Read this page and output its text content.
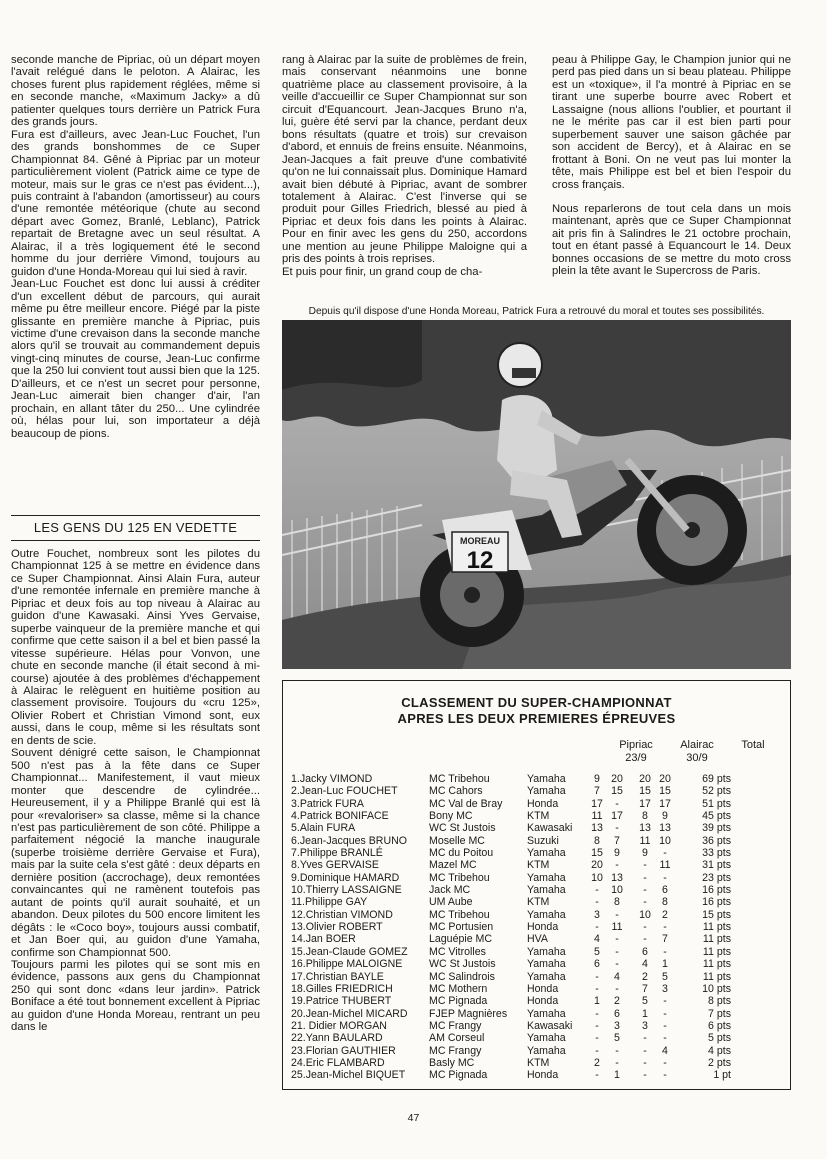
seconde manche de Pipriac, où un départ moyen l'avait relégué dans le peloton. A Alairac, les choses furent plus rapidement réglées, même si en seconde manche, «Maximum Jacky» a dû patienter quelques tours derrière un Patrick Fura des grands jours.

Fura est d'ailleurs, avec Jean-Luc Fouchet, l'un des grands bonshommes de ce Super Championnat 84. Gêné à Pipriac par un moteur particulièrement violent (Patrick aime ce type de moteur, mais sur le gras ce n'est pas évident...), puis contraint à l'abandon (amortisseur) au cours d'une remontée météorique (chute au second départ avec Gomez, Branlé, Leblanc), Patrick repartait de Bretagne avec un seul résultat. A Alairac, il a très logiquement été le second homme du jour derrière Vimond, toujours au guidon d'une Honda-Moreau qui lui sied à ravir.

Jean-Luc Fouchet est donc lui aussi à créditer d'un excellent début de parcours, qui aurait même pu être meilleur encore. Piégé par la piste glissante en première manche à Pipriac, puis victime d'une crevaison dans la seconde manche alors qu'il se trouvait au commandement depuis vingt-cinq minutes de course, Jean-Luc confirme que la 250 lui convient tout aussi bien que la 125. D'ailleurs, et ce n'est un secret pour personne, Jean-Luc aimerait bien changer d'air, l'an prochain, en allant tâter du 250... Une cylindrée où, hélas pour lui, son importateur a déjà beaucoup de pions.

LES GENS DU 125 EN VEDETTE

Outre Fouchet, nombreux sont les pilotes du Championnat 125 à se mettre en évidence dans ce Super Championnat. Ainsi Alain Fura, auteur d'une remontée infernale en première manche à Pipriac et deux fois au top niveau à Alairac au guidon d'une Kawasaki. Ainsi Yves Gervaise, superbe vainqueur de la première manche et qui confirme que cette saison il a bel et bien passé la vitesse supérieure. Hélas pour Vonvon, une chute en seconde manche (il était second à mi-course) ajoutée à des problèmes d'échappement à Alairac le relèguent en huitième position au classement provisoire. Toujours du «cru 125», Olivier Robert et Christian Vimond sont, eux aussi, dans le coup, même si les résultats sont en dents de scie.

Souvent dénigré cette saison, le Championnat 500 n'est pas à la fête dans ce Super Championnat... Manifestement, il vaut mieux monter que descendre de cylindrée... Heureusement, il y a Philippe Branlé qui est là pour «revaloriser» sa classe, même si la chance n'est pas particulièrement de son côté. Philippe a parfaitement négocié la manche inaugurale (superbe troisième derrière Gervaise et Fura), mais par la suite cela s'est gâté : deux départs en dernière position (accrochage), deux remontées convaincantes qui ne ramènent toutefois pas autant de points qu'il aurait souhaité, et un abandon. Deux pilotes du 500 encore limitent les dégâts : le «Coco boy», toujours aussi combatif, et Jan Boer qui, au guidon d'une Yamaha, confirme son Championnat 500.

Toujours parmi les pilotes qui se sont mis en évidence, passons aux gens du Championnat 250 qui sont donc «dans leur jardin». Patrick Boniface a été tout bonnement excellent à Pipriac au guidon d'une Honda Moreau, rentrant un peu dans le

rang à Alairac par la suite de problèmes de frein, mais conservant néanmoins une bonne quatrième place au classement provisoire, à la veille d'accueillir ce Super Championnat sur son circuit d'Equancourt. Jean-Jacques Bruno n'a, lui, guère été servi par la chance, perdant deux bons résultats (quatre et trois) sur crevaison d'abord, et ennuis de freins ensuite. Néanmoins, Jean-Jacques a fait preuve d'une combativité qu'on ne lui connaissait plus. Dominique Hamard avait bien débuté à Pipriac, avant de sombrer totalement à Alairac. C'est l'inverse qui se produit pour Gilles Friedrich, blessé au pied à Pipriac et deux fois dans les points à Alairac. Pour en finir avec les gens du 250, accordons une mention au jeune Philippe Maloigne qui a pris des points à trois reprises.

Et puis pour finir, un grand coup de cha-

peau à Philippe Gay, le Champion junior qui ne perd pas pied dans un si beau plateau. Philippe est un «toxique», il l'a montré à Pipriac en se tirant une superbe bourre avec Robert et Lassaigne (nous allions l'oublier, et pourtant il ne le mérite pas car il est bien parti pour superbement sauver une saison gâchée par son accident de Bercy), et à Alairac en se frottant à Boni. On ne veut pas lui monter la tête, mais Philippe est bel et bien l'espoir du cross français.

Nous reparlerons de tout cela dans un mois maintenant, après que ce Super Championnat ait pris fin à Salindres le 21 octobre prochain, tout en étant passé à Equancourt le 14. Deux bonnes occasions de se mettre du moto cross plein la tête avant le Supercross de Paris.

Depuis qu'il dispose d'une Honda Moreau, Patrick Fura a retrouvé du moral et toutes ses possibilités.
MOREAU
12
CLASSEMENT DU SUPER-CHAMPIONNAT
APRES LES DEUX PREMIERES ÉPREUVES
Pipriac
23/9
Alairac
30/9
Total
1.Jacky VIMOND	MC Tribehou	Yamaha	9	20		20	20	69 pts
2.Jean-Luc FOUCHET	MC Cahors	Yamaha	7	15		15	15	52 pts
3.Patrick FURA	MC Val de Bray	Honda	17	-		17	17	51 pts
4.Patrick BONIFACE	Bony MC	KTM	11	17		8	9	45 pts
5.Alain FURA	WC St Justois	Kawasaki	13	-		13	13	39 pts
6.Jean-Jacques BRUNO	Moselle MC	Suzuki	8	7		11	10	36 pts
7.Philippe BRANLÉ	MC du Poitou	Yamaha	15	9		9	-	33 pts
8.Yves GERVAISE	Mazel MC	KTM	20	-		-	11	31 pts
9.Dominique HAMARD	MC Tribehou	Yamaha	10	13		-	-	23 pts
10.Thierry LASSAIGNE	Jack MC	Yamaha	-	10		-	6	16 pts
11.Philippe GAY	UM Aube	KTM	-	8		-	8	16 pts
12.Christian VIMOND	MC Tribehou	Yamaha	3	-		10	2	15 pts
13.Olivier ROBERT	MC Portusien	Honda	-	11		-	-	11 pts
14.Jan BOER	Laguépie MC	HVA	4	-		-	7	11 pts
15.Jean-Claude GOMEZ	MC Vitrolles	Yamaha	5	-		6	-	11 pts
16.Philippe MALOIGNE	WC St Justois	Yamaha	6	-		4	1	11 pts
17.Christian BAYLE	MC Salindrois	Yamaha	-	4		2	5	11 pts
18.Gilles FRIEDRICH	MC Mothern	Honda	-	-		7	3	10 pts
19.Patrice THUBERT	MC Pignada	Honda	1	2		5	-	8 pts
20.Jean-Michel MICARD	FJEP Magnières	Yamaha	-	6		1	-	7 pts
21. Didier MORGAN	MC Frangy	Kawasaki	-	3		3	-	6 pts
22.Yann BAULARD	AM Corseul	Yamaha	-	5		-	-	5 pts
23.Florian GAUTHIER	MC Frangy	Yamaha	-	-		-	4	4 pts
24.Eric FLAMBARD	Basly MC	KTM	2	-		-	-	2 pts
25.Jean-Michel BIQUET	MC Pignada	Honda	-	1		-	-	1 pt
47
